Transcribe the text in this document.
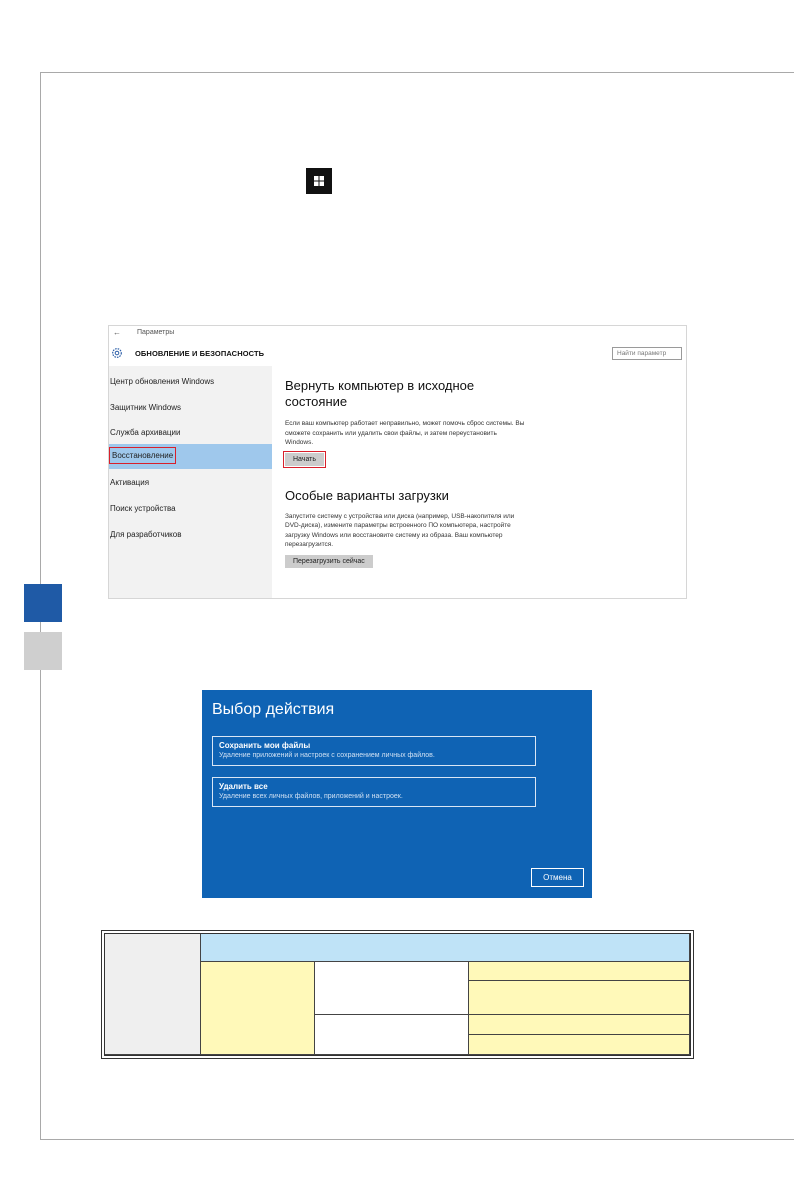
← Параметры
ОБНОВЛЕНИЕ И БЕЗОПАСНОСТЬ	Найти параметр
Центр обновления Windows
Защитник Windows
Служба архивации
Восстановление
Активация
Поиск устройства
Для разработчиков
Вернуть компьютер в исходное состояние

Если ваш компьютер работает неправильно, может помочь сброс системы. Вы сможете сохранить или удалить свои файлы, и затем переустановить Windows.

Начать
Особые варианты загрузки

Запустите систему с устройства или диска (например, USB-накопителя или DVD-диска), измените параметры встроенного ПО компьютера, настройте загрузку Windows или восстановите систему из образа. Ваш компьютер перезагрузится.

Перезагрузить сейчас
Выбор действия
Сохранить мои файлы
Удаление приложений и настроек с сохранением личных файлов.
Удалить все
Удаление всех личных файлов, приложений и настроек.
Отмена
